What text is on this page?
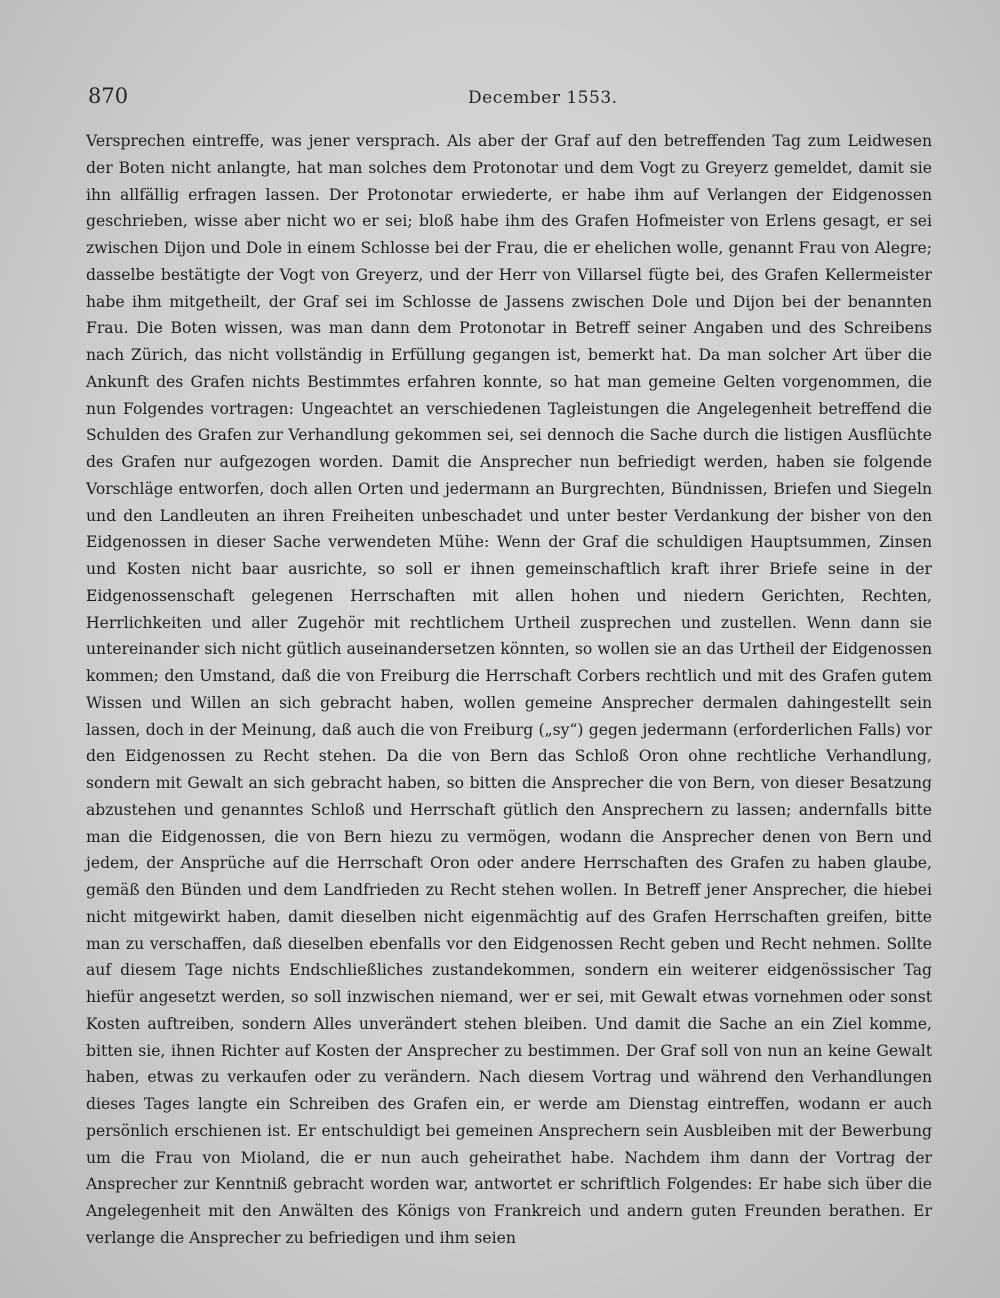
870	December 1553.
Versprechen eintreffe, was jener versprach. Als aber der Graf auf den betreffenden Tag zum Leidwesen der Boten nicht anlangte, hat man solches dem Protonotar und dem Vogt zu Greyerz gemeldet, damit sie ihn allfällig erfragen lassen. Der Protonotar erwiederte, er habe ihm auf Verlangen der Eidgenossen geschrieben, wisse aber nicht wo er sei; bloß habe ihm des Grafen Hofmeister von Erlens gesagt, er sei zwischen Dijon und Dole in einem Schlosse bei der Frau, die er ehelichen wolle, genannt Frau von Alegre; dasselbe bestätigte der Vogt von Greyerz, und der Herr von Villarsel fügte bei, des Grafen Kellermeister habe ihm mitgetheilt, der Graf sei im Schlosse de Jassens zwischen Dole und Dijon bei der benannten Frau. Die Boten wissen, was man dann dem Protonotar in Betreff seiner Angaben und des Schreibens nach Zürich, das nicht vollständig in Erfüllung gegangen ist, bemerkt hat. Da man solcher Art über die Ankunft des Grafen nichts Bestimmtes erfahren konnte, so hat man gemeine Gelten vorgenommen, die nun Folgendes vortragen: Ungeachtet an verschiedenen Tagleistungen die Angelegenheit betreffend die Schulden des Grafen zur Verhandlung gekommen sei, sei dennoch die Sache durch die listigen Ausflüchte des Grafen nur aufgezogen worden. Damit die Ansprecher nun befriedigt werden, haben sie folgende Vorschläge entworfen, doch allen Orten und jedermann an Burgrechten, Bündnissen, Briefen und Siegeln und den Landleuten an ihren Freiheiten unbeschadet und unter bester Verdankung der bisher von den Eidgenossen in dieser Sache verwendeten Mühe: Wenn der Graf die schuldigen Hauptsummen, Zinsen und Kosten nicht baar ausrichte, so soll er ihnen gemeinschaftlich kraft ihrer Briefe seine in der Eidgenossenschaft gelegenen Herrschaften mit allen hohen und niedern Gerichten, Rechten, Herrlichkeiten und aller Zugehör mit rechtlichem Urtheil zusprechen und zustellen. Wenn dann sie untereinander sich nicht gütlich auseinandersetzen könnten, so wollen sie an das Urtheil der Eidgenossen kommen; den Umstand, daß die von Freiburg die Herrschaft Corbers rechtlich und mit des Grafen gutem Wissen und Willen an sich gebracht haben, wollen gemeine Ansprecher dermalen dahingestellt sein lassen, doch in der Meinung, daß auch die von Freiburg („sy“) gegen jedermann (erforderlichen Falls) vor den Eidgenossen zu Recht stehen. Da die von Bern das Schloß Oron ohne rechtliche Verhandlung, sondern mit Gewalt an sich gebracht haben, so bitten die Ansprecher die von Bern, von dieser Besatzung abzustehen und genanntes Schloß und Herrschaft gütlich den Ansprechern zu lassen; andernfalls bitte man die Eidgenossen, die von Bern hiezu zu vermögen, wodann die Ansprecher denen von Bern und jedem, der Ansprüche auf die Herrschaft Oron oder andere Herrschaften des Grafen zu haben glaube, gemäß den Bünden und dem Landfrieden zu Recht stehen wollen. In Betreff jener Ansprecher, die hiebei nicht mitgewirkt haben, damit dieselben nicht eigenmächtig auf des Grafen Herrschaften greifen, bitte man zu verschaffen, daß dieselben ebenfalls vor den Eidgenossen Recht geben und Recht nehmen. Sollte auf diesem Tage nichts Endschließliches zustandekommen, sondern ein weiterer eidgenössischer Tag hiefür angesetzt werden, so soll inzwischen niemand, wer er sei, mit Gewalt etwas vornehmen oder sonst Kosten auftreiben, sondern Alles unverändert stehen bleiben. Und damit die Sache an ein Ziel komme, bitten sie, ihnen Richter auf Kosten der Ansprecher zu bestimmen. Der Graf soll von nun an keine Gewalt haben, etwas zu verkaufen oder zu verändern. Nach diesem Vortrag und während den Verhandlungen dieses Tages langte ein Schreiben des Grafen ein, er werde am Dienstag eintreffen, wodann er auch persönlich erschienen ist. Er entschuldigt bei gemeinen Ansprechern sein Ausbleiben mit der Bewerbung um die Frau von Mioland, die er nun auch geheirathet habe. Nachdem ihm dann der Vortrag der Ansprecher zur Kenntniß gebracht worden war, antwortet er schriftlich Folgendes: Er habe sich über die Angelegenheit mit den Anwälten des Königs von Frankreich und andern guten Freunden berathen. Er verlange die Ansprecher zu befriedigen und ihm seien
